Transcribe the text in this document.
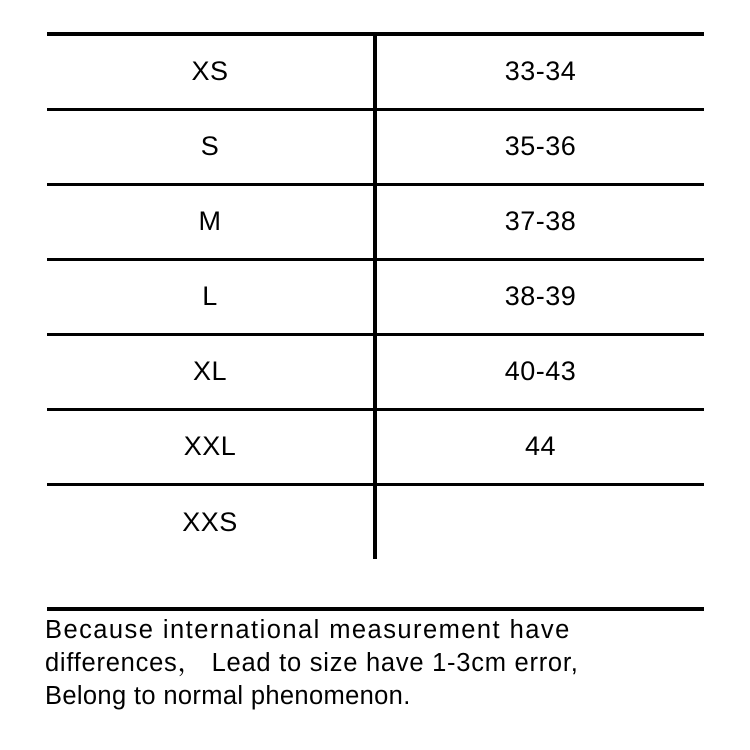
XS	33-34
S	35-36
M	37-38
L	38-39
XL	40-43
XXL	44
XXS	
Because international measurement have
differences， Lead to size have 1-3cm error,
Belong to normal phenomenon.
